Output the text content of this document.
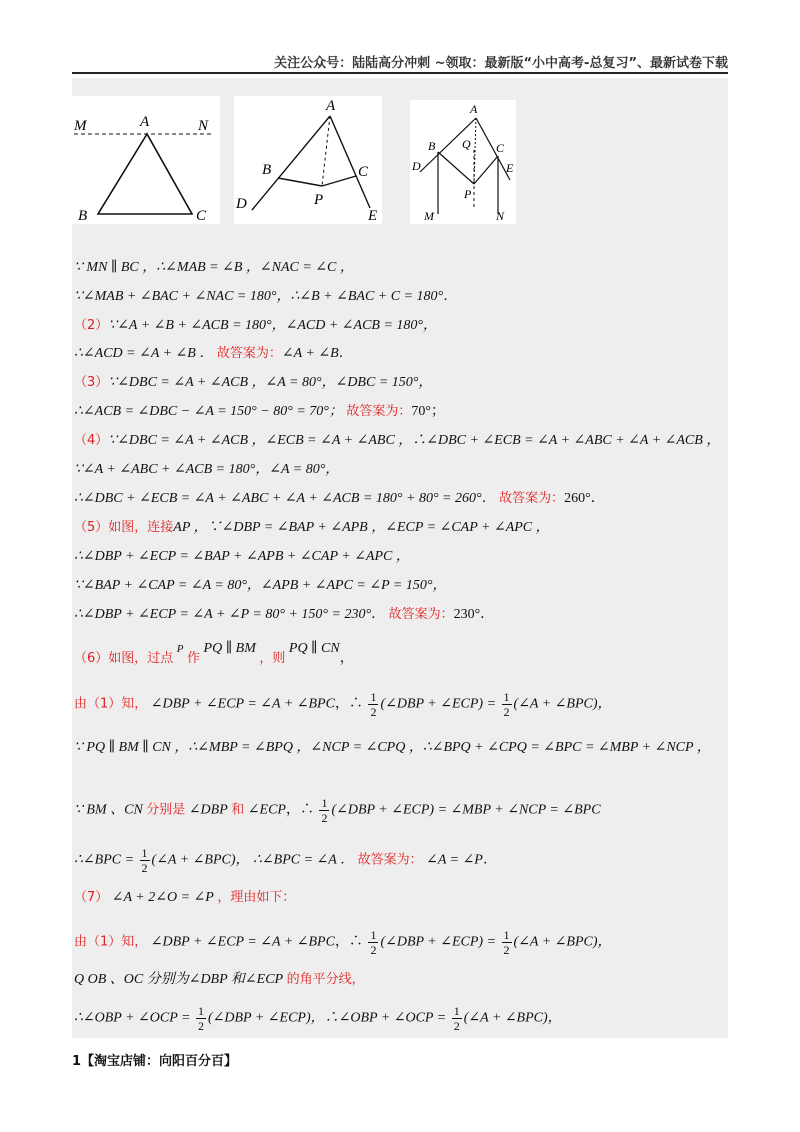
关注公众号：陆陆高分冲刺 ~领取：最新版“小中高考-总复习”、最新试卷下载
M	A	N
B	C
A
B	C
D	P
E
A
B Q C
D	E
P
M	N
∵ MN ∥ BC ，∴∠MAB = ∠B ，∠NAC = ∠C ，
∵∠MAB + ∠BAC + ∠NAC = 180°，∴∠B + ∠BAC + C = 180°．
（2）∵∠A + ∠B + ∠ACB = 180°，∠ACD + ∠ACB = 180°，
∴∠ACD = ∠A + ∠B ． 故答案为：∠A + ∠B．
（3）∵∠DBC = ∠A + ∠ACB ，∠A = 80°，∠DBC = 150°，
∴∠ACB = ∠DBC − ∠A = 150° − 80° = 70°； 故答案为：70°；
（4）∵∠DBC = ∠A + ∠ACB ，∠ECB = ∠A + ∠ABC ，∴∠DBC + ∠ECB = ∠A + ∠ABC + ∠A + ∠ACB ，
∵∠A + ∠ABC + ∠ACB = 180°，∠A = 80°，
∴∠DBC + ∠ECB = ∠A + ∠ABC + ∠A + ∠ACB = 180° + 80° = 260°． 故答案为：260°．
（5）如图，连接AP ，∵∠DBP = ∠BAP + ∠APB ，∠ECP = ∠CAP + ∠APC ，
∴∠DBP + ∠ECP = ∠BAP + ∠APB + ∠CAP + ∠APC ，
∵∠BAP + ∠CAP = ∠A = 80°，∠APB + ∠APC = ∠P = 150°，
∴∠DBP + ∠ECP = ∠A + ∠P = 80° + 150° = 230°． 故答案为：230°．
（6）如图，过点 $^P$ 作 PQ ∥ BM ，则 PQ ∥ CN，
由（1）知， ∠DBP + ∠ECP = ∠A + ∠BPC，∴ $\frac{1}{2}$ (∠DBP + ∠ECP) = $\frac{1}{2}$ (∠A + ∠BPC)，
∵ PQ ∥ BM ∥ CN ，∴∠MBP = ∠BPQ ，∠NCP = ∠CPQ ，∴∠BPQ + ∠CPQ = ∠BPC = ∠MBP + ∠NCP ，
∵ BM 、CN 分别是 ∠DBP 和 ∠ECP，∴ $\frac{1}{2}$ (∠DBP + ∠ECP) = ∠MBP + ∠NCP = ∠BPC
∴∠BPC = $\frac{1}{2}$ (∠A + ∠BPC)， ∴∠BPC = ∠A ． 故答案为： ∠A = ∠P．
（7） ∠A + 2∠O = ∠P ，理由如下：
由（1）知， ∠DBP + ∠ECP = ∠A + ∠BPC，∴ $\frac{1}{2}$ (∠DBP + ∠ECP) = $\frac{1}{2}$ (∠A + ∠BPC)，
Q OB 、OC 分别为∠DBP 和∠ECP 的角平分线，
∴∠OBP + ∠OCP = $\frac{1}{2}$ (∠DBP + ∠ECP)，∴∠OBP + ∠OCP = $\frac{1}{2}$ (∠A + ∠BPC)，
1【淘宝店铺：向阳百分百】
